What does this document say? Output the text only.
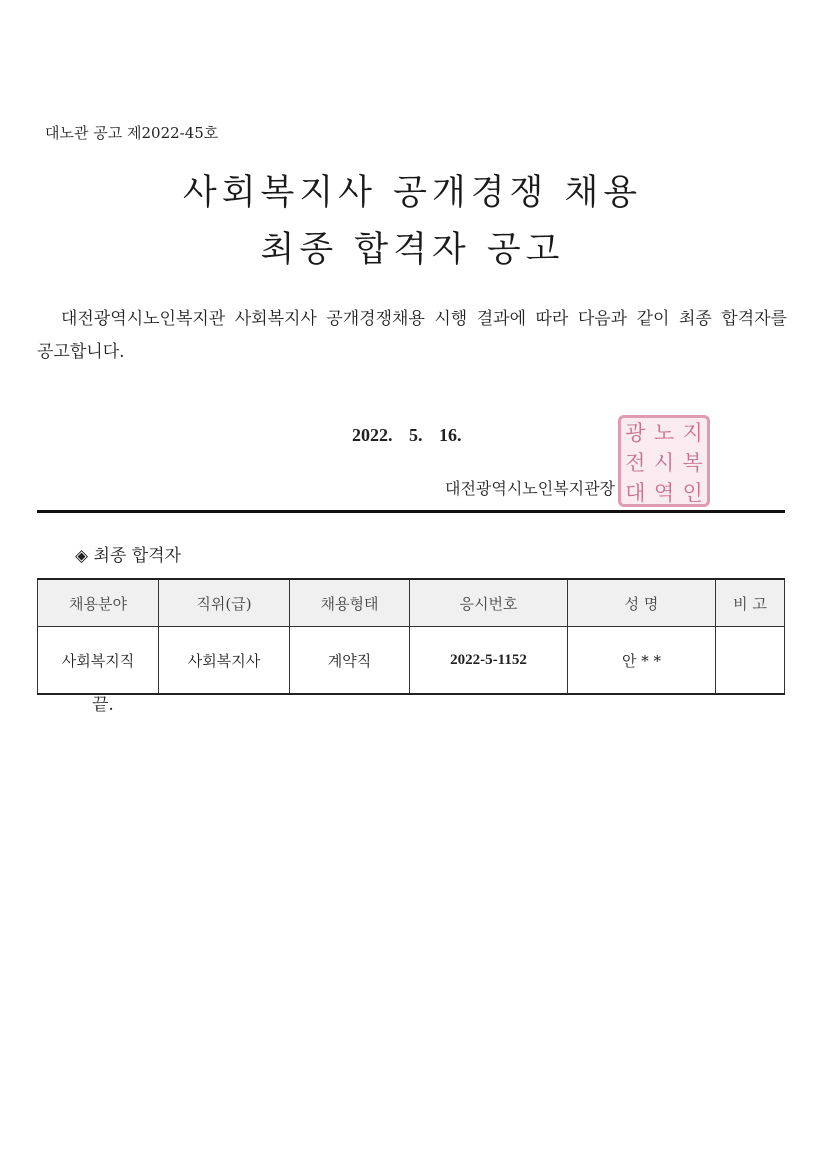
대노관 공고 제2022-45호
사회복지사 공개경쟁 채용
최종 합격자 공고
대전광역시노인복지관 사회복지사 공개경쟁채용 시행 결과에 따라 다음과 같이 최종 합격자를 공고합니다.
2022. 5. 16.	광 노 지
전 시 복
대 역 인
대전광역시노인복지관장
◈ 최종 합격자
채용분야	직위(급)	채용형태	응시번호	성 명	비 고
사회복지직	사회복지사	계약직	2022-5-1152	안 * *	
끝.
